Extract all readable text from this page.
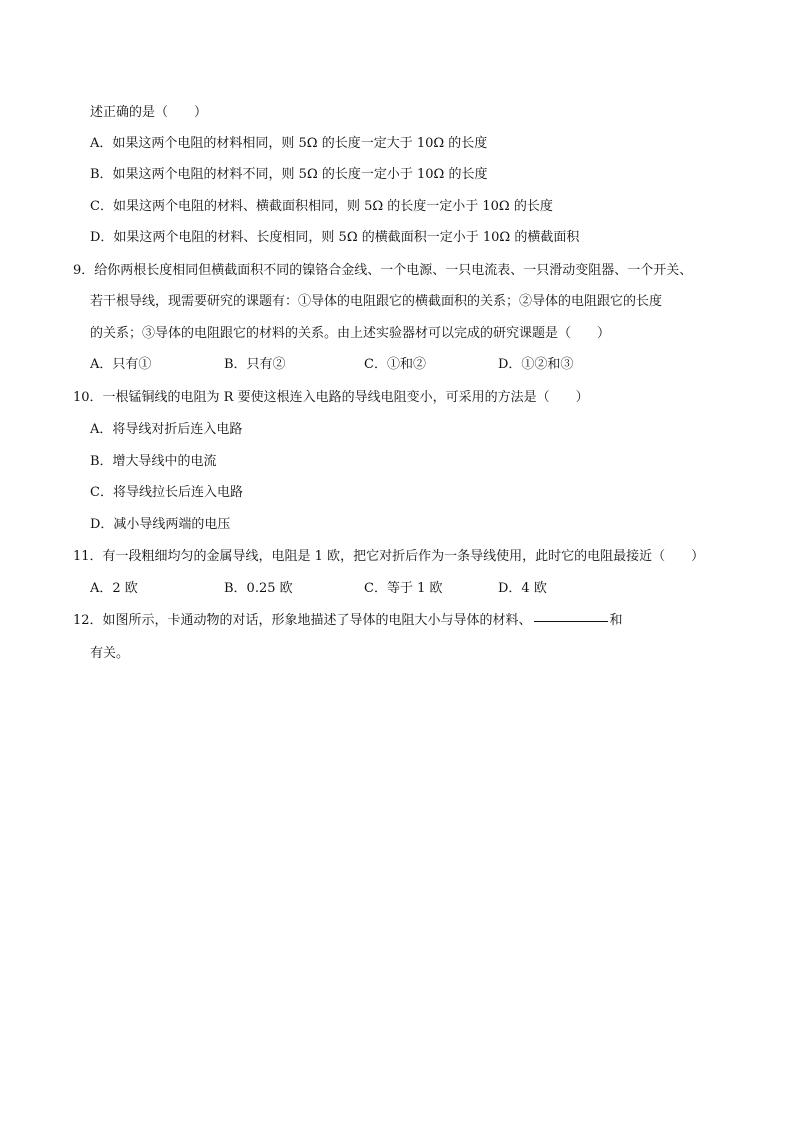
述正确的是（　　）
A．如果这两个电阻的材料相同，则 5Ω 的长度一定大于 10Ω 的长度
B．如果这两个电阻的材料不同，则 5Ω 的长度一定小于 10Ω 的长度
C．如果这两个电阻的材料、横截面积相同，则 5Ω 的长度一定小于 10Ω 的长度
D．如果这两个电阻的材料、长度相同，则 5Ω 的横截面积一定小于 10Ω 的横截面积
9．给你两根长度相同但横截面积不同的镍铬合金线、一个电源、一只电流表、一只滑动变阻器、一个开关、
若干根导线，现需要研究的课题有：①导体的电阻跟它的横截面积的关系；②导体的电阻跟它的长度
的关系；③导体的电阻跟它的材料的关系。由上述实验器材可以完成的研究课题是（　　）
A．只有①	B．只有②	C．①和②	D．①②和③
10．一根锰铜线的电阻为 R 要使这根连入电路的导线电阻变小，可采用的方法是（　　）
A．将导线对折后连入电路
B．增大导线中的电流
C．将导线拉长后连入电路
D．减小导线两端的电压
11．有一段粗细均匀的金属导线，电阻是 1 欧，把它对折后作为一条导线使用，此时它的电阻最接近（　　）
A．2 欧	B．0.25 欧	C．等于 1 欧	D．4 欧
12．如图所示，卡通动物的对话，形象地描述了导体的电阻大小与导体的材料、	和
有关。
